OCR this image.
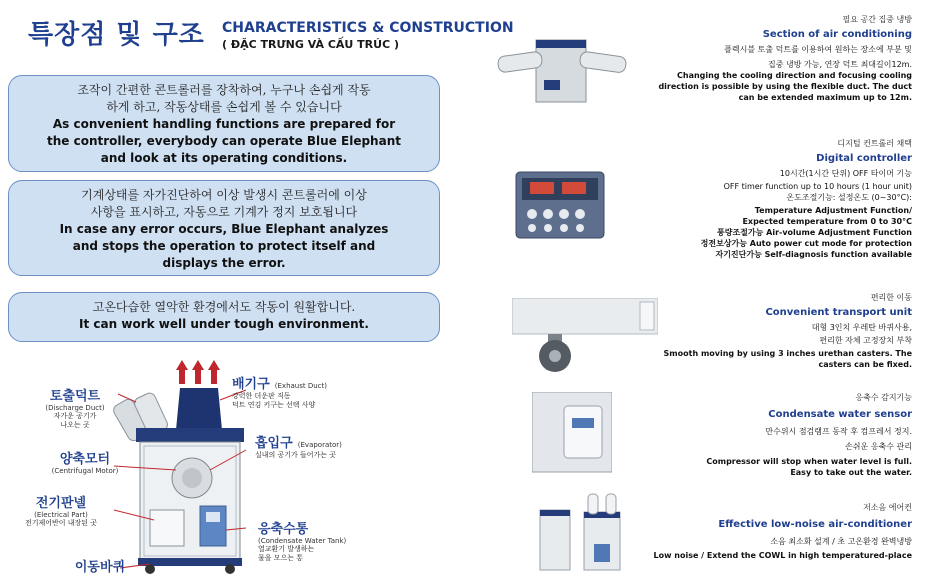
특장점 및 구조 CHARACTERISTICS & CONSTRUCTION
( ĐẶC TRƯNG VÀ CẤU TRÚC )
조작이 간편한 콘트롤러를 장착하여, 누구나 손쉽게 작동
하게 하고, 작동상태를 손쉽게 볼 수 있습니다
As convenient handling functions are prepared for
the controller, everybody can operate Blue Elephant
and look at its operating conditions.
기계상태를 자가진단하여 이상 발생시 콘트롤러에 이상
사항을 표시하고, 자동으로 기계가 정지 보호됩니다
In case any error occurs, Blue Elephant analyzes
and stops the operation to protect itself and
displays the error.
고온다습한 열악한 환경에서도 작동이 원활합니다.
It can work well under tough environment.
토출덕트
(Discharge Duct)
자가운 공기가
나오는 곳
양축모터
(Centrifugal Motor)
전기판넬
(Electrical Part)
전기제어반이 내장된 곳
이동바퀴
배기구 (Exhaust Duct)
강력한 더운판 직동
덕트 연김 키구는 선택 사양
흡입구 (Evaporator)
실내의 공기가 들어가는 곳
응축수통
(Condensate Water Tank)
열교환기 발생하는
물을 모으는 통
필요 공간 집중 냉방
Section of air conditioning
플렉시블 토출 덕트를 이용하여 원하는 장소에 부분 및
집중 냉방 가능, 연장 덕트 최대길이12m.
Changing the cooling direction and focusing cooling
direction is possible by using the flexible duct. The duct
can be extended maximum up to 12m.
디지털 컨트롤러 채택
Digital controller
10시간(1시간 단위) OFF 타이머 기능
OFF timer function up to 10 hours (1 hour unit)
온도조절기능: 설정온도 (0~30°C):
Temperature Adjustment Function/
Expected temperature from 0 to 30°C
풍량조절가능 Air-volume Adjustment Function
정전보상가능 Auto power cut mode for protection
자기진단가능 Self-diagnosis function available
편리한 이동
Convenient transport unit
대형 3인치 우레탄 바퀴사용,
편리한 자체 고정장치 부착
Smooth moving by using 3 inches urethan casters. The
casters can be fixed.
응축수 감지기능
Condensate water sensor
만수위시 점검램프 동작 후 컴프레서 정지.
손쉬운 응축수 관리
Compressor will stop when water level is full.
Easy to take out the water.
저소음 에어컨
Effective low-noise air-conditioner
소음 최소화 설계 / 초 고온환경 완벽냉방
Low noise / Extend the COWL in high temperatured-place
